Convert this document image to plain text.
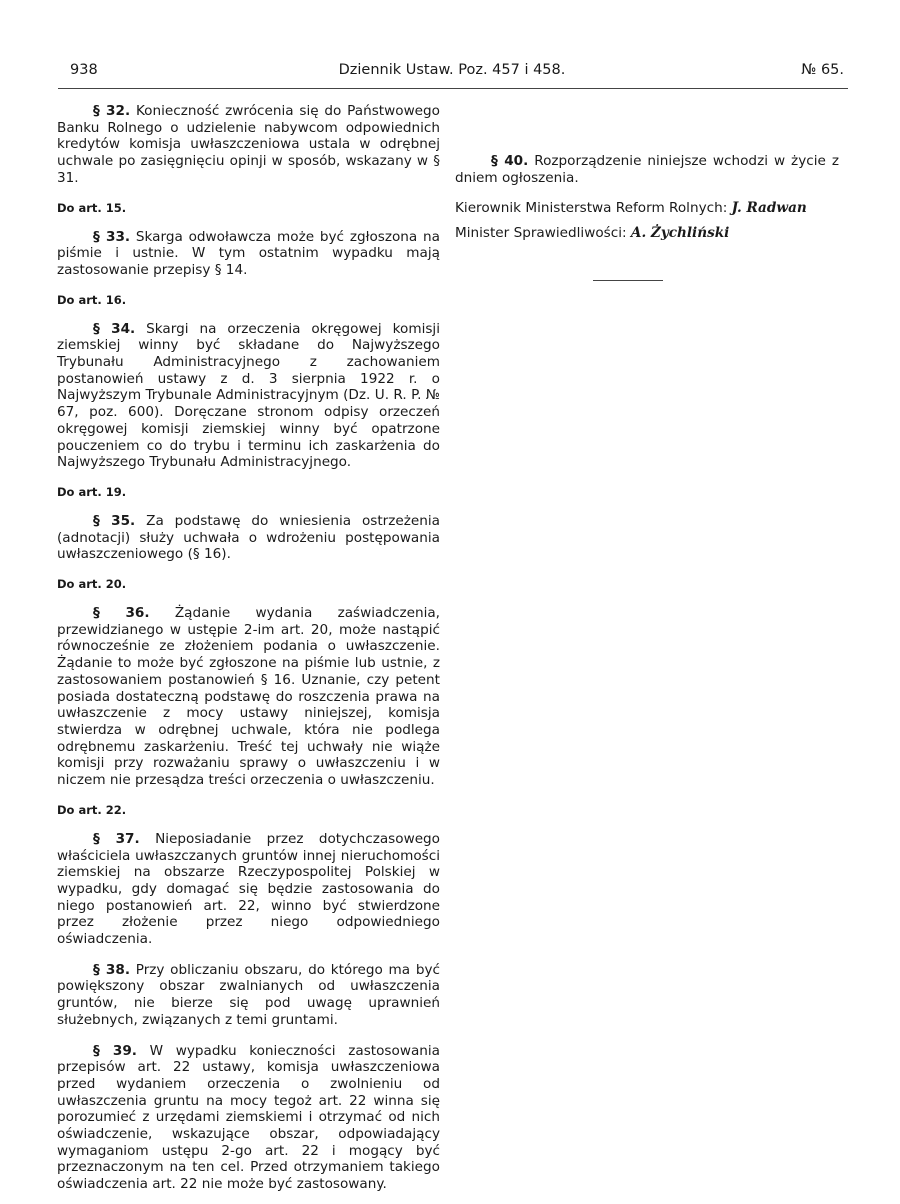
938	Dziennik Ustaw. Poz. 457 i 458.	№ 65.

§ 32. Konieczność zwrócenia się do Państwowego Banku Rolnego o udzielenie nabywcom odpowiednich kredytów komisja uwłaszczeniowa ustala w odrębnej uchwale po zasięgnięciu opinji w sposób, wskazany w § 31.

Do art. 15.

§ 33. Skarga odwoławcza może być zgłoszona na piśmie i ustnie. W tym ostatnim wypadku mają zastosowanie przepisy § 14.

Do art. 16.

§ 34. Skargi na orzeczenia okręgowej komisji ziemskiej winny być składane do Najwyższego Trybunału Administracyjnego z zachowaniem postanowień ustawy z d. 3 sierpnia 1922 r. o Najwyższym Trybunale Administracyjnym (Dz. U. R. P. № 67, poz. 600). Doręczane stronom odpisy orzeczeń okręgowej komisji ziemskiej winny być opatrzone pouczeniem co do trybu i terminu ich zaskarżenia do Najwyższego Trybunału Administracyjnego.

Do art. 19.

§ 35. Za podstawę do wniesienia ostrzeżenia (adnotacji) służy uchwała o wdrożeniu postępowania uwłaszczeniowego (§ 16).

Do art. 20.

§ 36. Żądanie wydania zaświadczenia, przewidzianego w ustępie 2-im art. 20, może nastąpić równocześnie ze złożeniem podania o uwłaszczenie. Żądanie to może być zgłoszone na piśmie lub ustnie, z zastosowaniem postanowień § 16. Uznanie, czy petent posiada dostateczną podstawę do roszczenia prawa na uwłaszczenie z mocy ustawy niniejszej, komisja stwierdza w odrębnej uchwale, która nie podlega odrębnemu zaskarżeniu. Treść tej uchwały nie wiąże komisji przy rozważaniu sprawy o uwłaszczeniu i w niczem nie przesądza treści orzeczenia o uwłaszczeniu.

Do art. 22.

§ 37. Nieposiadanie przez dotychczasowego właściciela uwłaszczanych gruntów innej nieruchomości ziemskiej na obszarze Rzeczypospolitej Polskiej w wypadku, gdy domagać się będzie zastosowania do niego postanowień art. 22, winno być stwierdzone przez złożenie przez niego odpowiedniego oświadczenia.

§ 38. Przy obliczaniu obszaru, do którego ma być powiększony obszar zwalnianych od uwłaszczenia gruntów, nie bierze się pod uwagę uprawnień służebnych, związanych z temi gruntami.

§ 39. W wypadku konieczności zastosowania przepisów art. 22 ustawy, komisja uwłaszczeniowa przed wydaniem orzeczenia o zwolnieniu od uwłaszczenia gruntu na mocy tegoż art. 22 winna się porozumieć z urzędami ziemskiemi i otrzymać od nich oświadczenie, wskazujące obszar, odpowiadający wymaganiom ustępu 2-go art. 22 i mogący być przeznaczonym na ten cel. Przed otrzymaniem takiego oświadczenia art. 22 nie może być zastosowany.

§ 40. Rozporządzenie niniejsze wchodzi w życie z dniem ogłoszenia.

Kierownik Ministerstwa Reform Rolnych: J. Radwan

Minister Sprawiedliwości: A. Żychliński
